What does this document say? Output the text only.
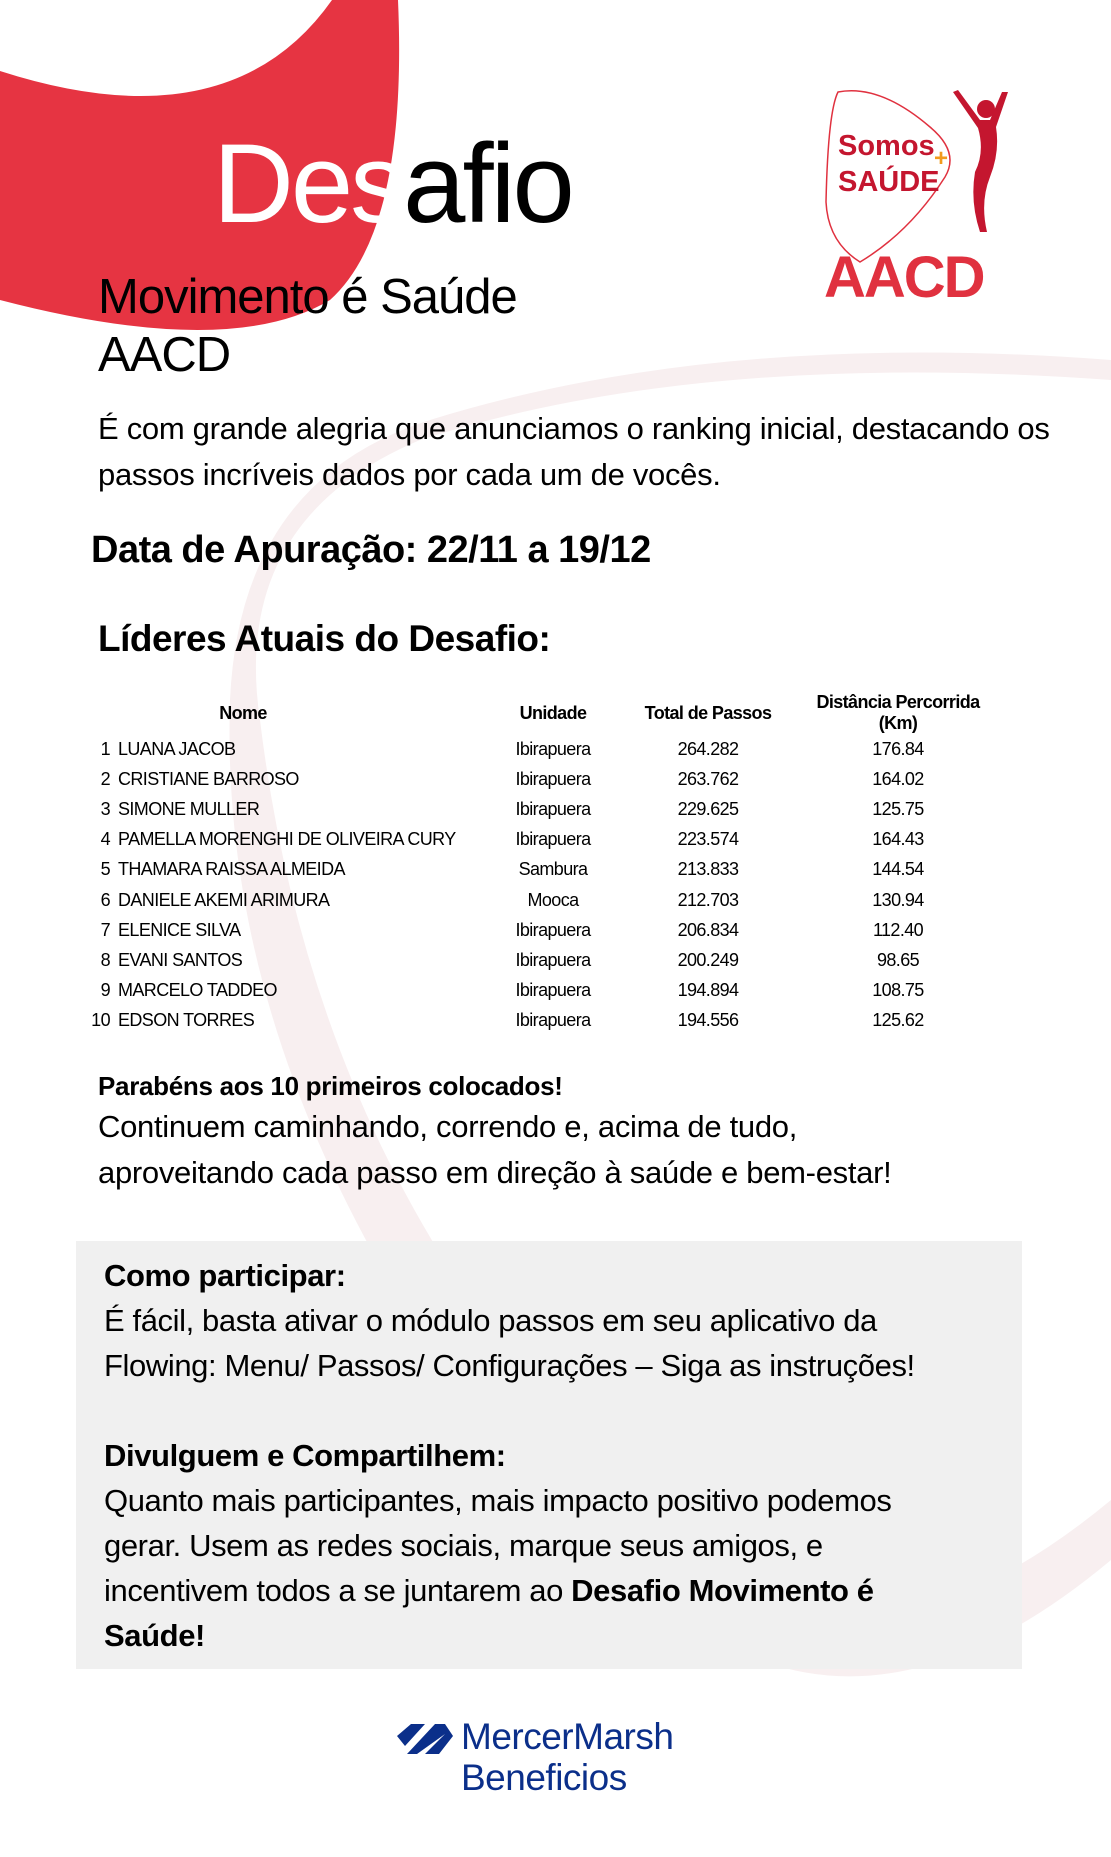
Desafio
Movimento é Saúde
AACD
Somos
SAÚDE
+
AACD
É com grande alegria que anunciamos o ranking inicial, destacando os passos incríveis dados por cada um de vocês.
Data de Apuração: 22/11 a 19/12
Líderes Atuais do Desafio:
	Nome	Unidade	Total de Passos	Distância Percorrida (Km)
1	LUANA JACOB	Ibirapuera	264.282	176.84
2	CRISTIANE BARROSO	Ibirapuera	263.762	164.02
3	SIMONE MULLER	Ibirapuera	229.625	125.75
4	PAMELLA MORENGHI DE OLIVEIRA CURY	Ibirapuera	223.574	164.43
5	THAMARA RAISSA ALMEIDA	Sambura	213.833	144.54
6	DANIELE AKEMI ARIMURA	Mooca	212.703	130.94
7	ELENICE SILVA	Ibirapuera	206.834	112.40
8	EVANI SANTOS	Ibirapuera	200.249	98.65
9	MARCELO TADDEO	Ibirapuera	194.894	108.75
10	EDSON TORRES	Ibirapuera	194.556	125.62
Parabéns aos 10 primeiros colocados!
Continuem caminhando, correndo e, acima de tudo,
aproveitando cada passo em direção à saúde e bem-estar!
Como participar:
É fácil, basta ativar o módulo passos em seu aplicativo da
Flowing: Menu/ Passos/ Configurações – Siga as instruções!
Divulguem e Compartilhem:
Quanto mais participantes, mais impacto positivo podemos
gerar. Usem as redes sociais, marque seus amigos, e
incentivem todos a se juntarem ao Desafio Movimento é
Saúde!
MercerMarsh
Beneficios
